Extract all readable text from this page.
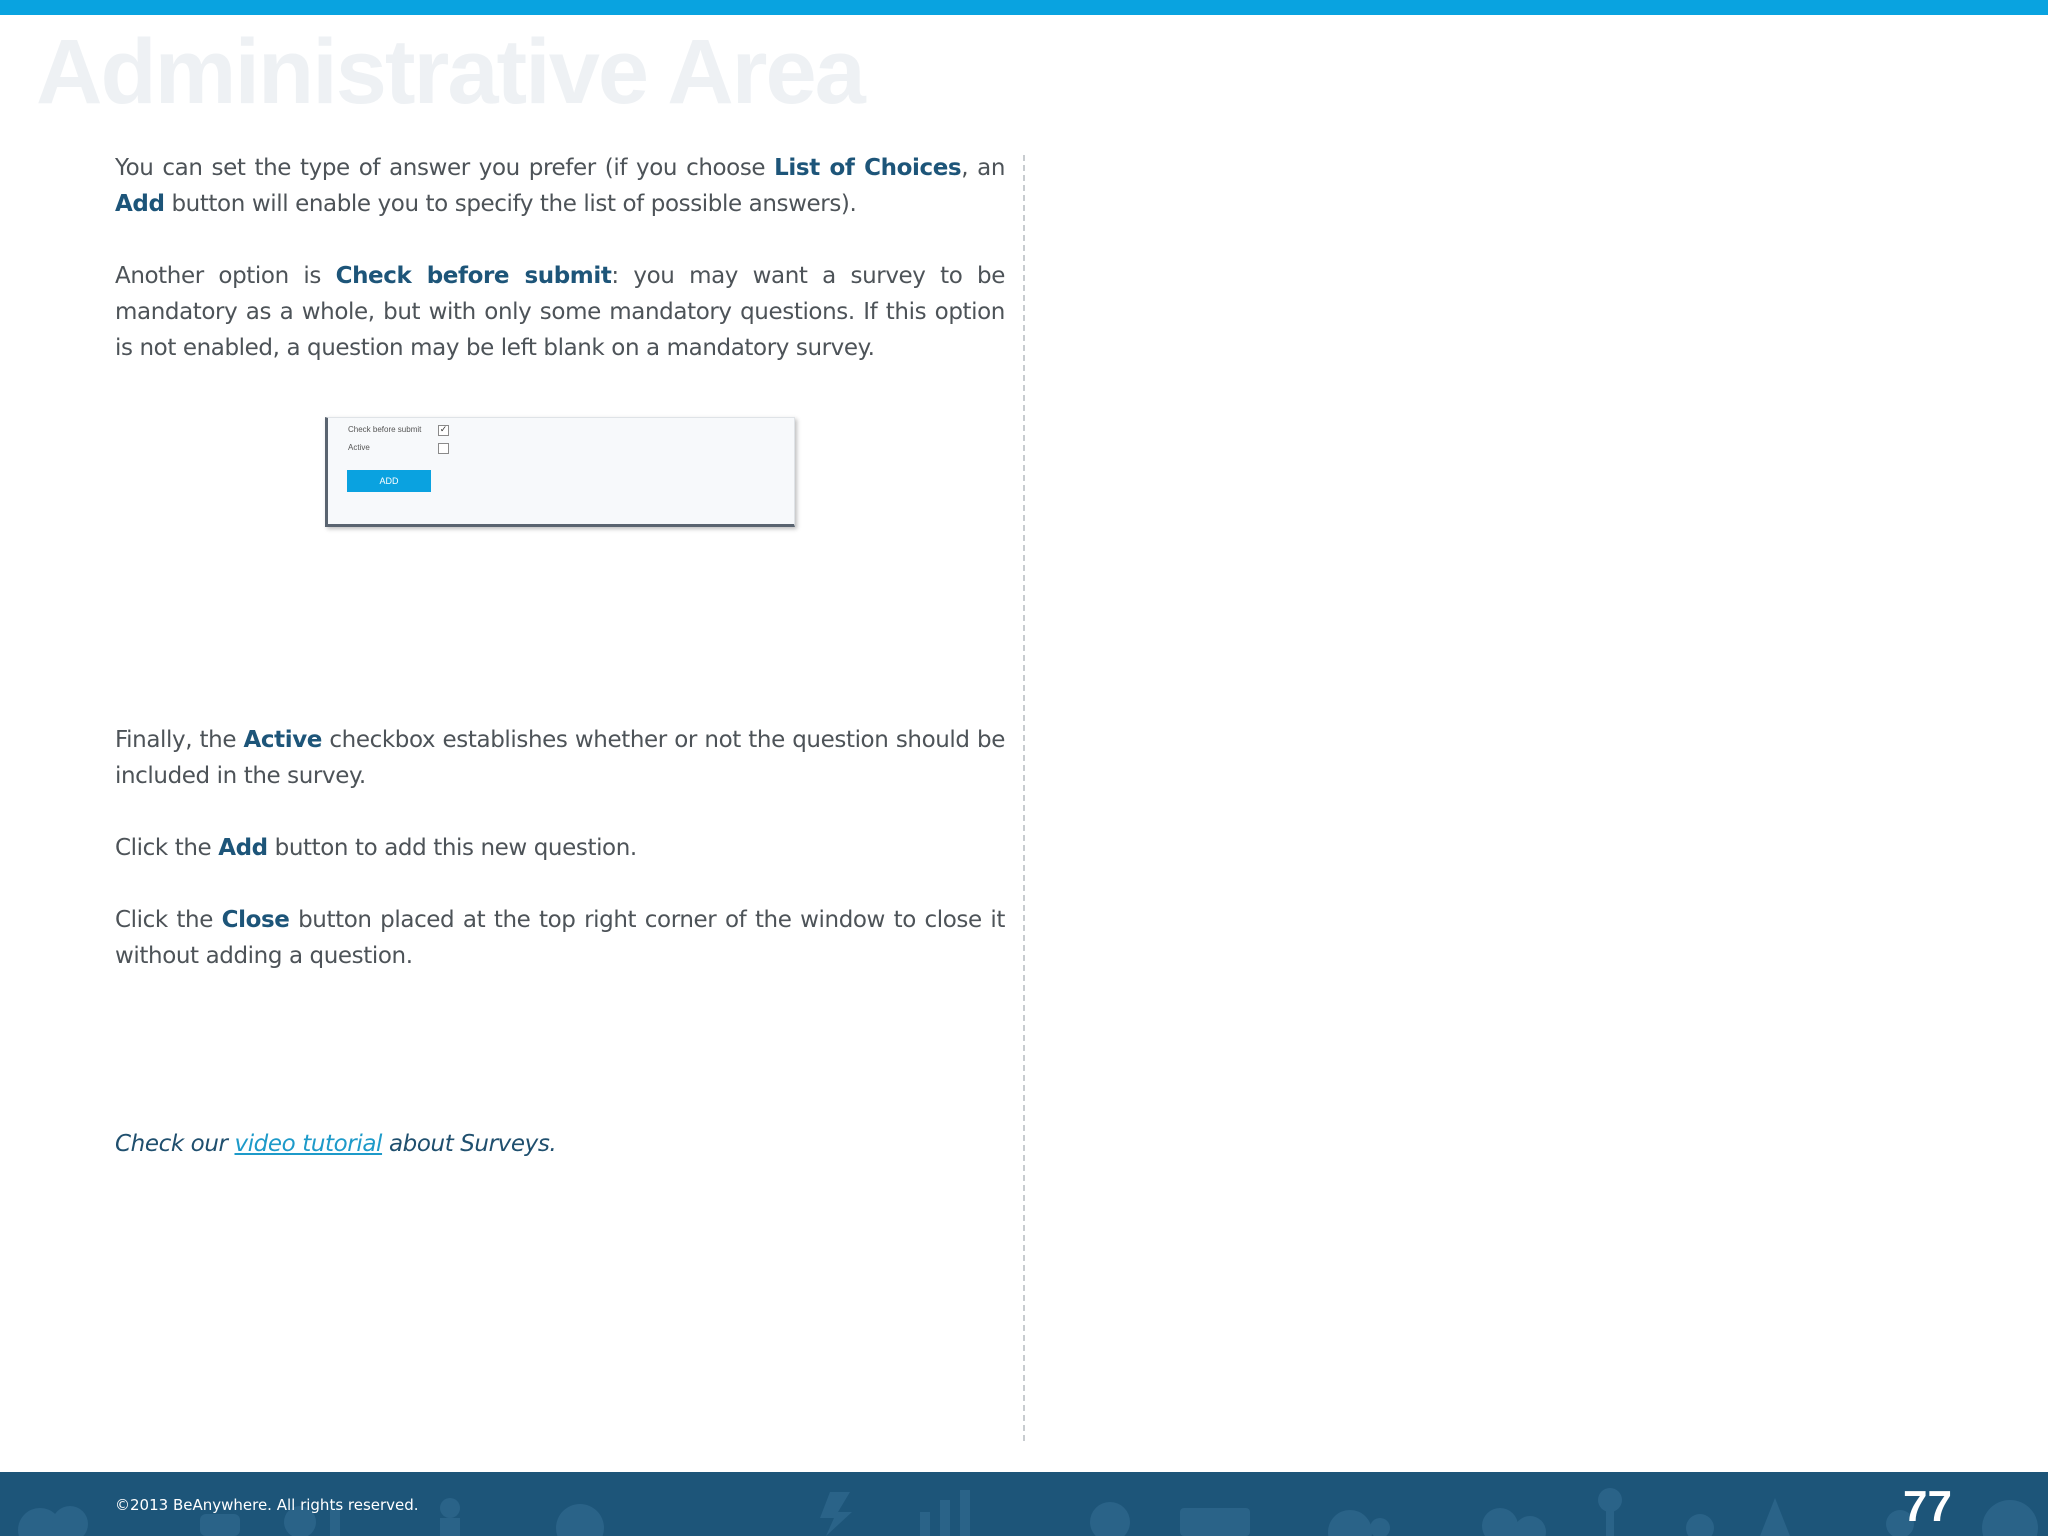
Administrative Area

You can set the type of answer you prefer (if you choose List of Choices, an Add button will enable you to specify the list of possible answers).

Another option is Check before submit: you may want a survey to be mandatory as a whole, but with only some mandatory questions. If this option is not enabled, a question may be left blank on a mandatory survey.

Check before submit ✓
Active
ADD

Finally, the Active checkbox establishes whether or not the question should be included in the survey.

Click the Add button to add this new question.

Click the Close button placed at the top right corner of the window to close it without adding a question.

Check our video tutorial about Surveys.

©2013 BeAnywhere. All rights reserved.	77
